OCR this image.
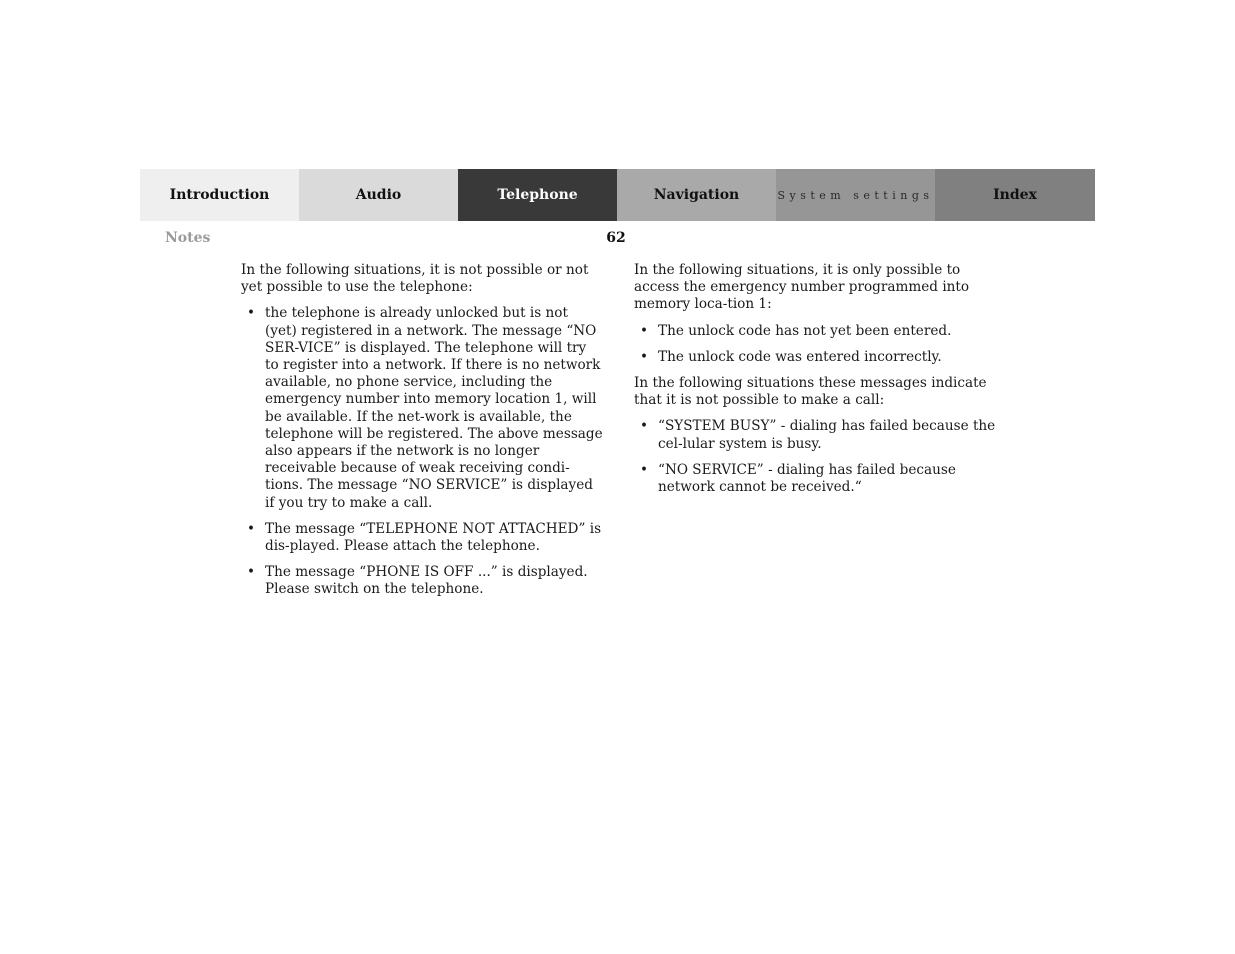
Introduction	Audio	Telephone	Navigation	System settings	Index
Notes	62

In the following situations, it is not possible or not yet possible to use the telephone:

• the telephone is already unlocked but is not (yet) registered in a network. The message “NO SER-VICE” is displayed. The telephone will try to register into a network. If there is no network available, no phone service, including the emergency number into memory location 1, will be available. If the net-work is available, the telephone will be registered. The above message also appears if the network is no longer receivable because of weak receiving condi-tions. The message “NO SERVICE” is displayed if you try to make a call.
• The message “TELEPHONE NOT ATTACHED” is dis-played. Please attach the telephone.
• The message “PHONE IS OFF ...” is displayed. Please switch on the telephone.

In the following situations, it is only possible to access the emergency number programmed into memory loca-tion 1:

• The unlock code has not yet been entered.
• The unlock code was entered incorrectly.

In the following situations these messages indicate that it is not possible to make a call:

• “SYSTEM BUSY” - dialing has failed because the cel-lular system is busy.
• “NO SERVICE” - dialing has failed because network cannot be received.“
